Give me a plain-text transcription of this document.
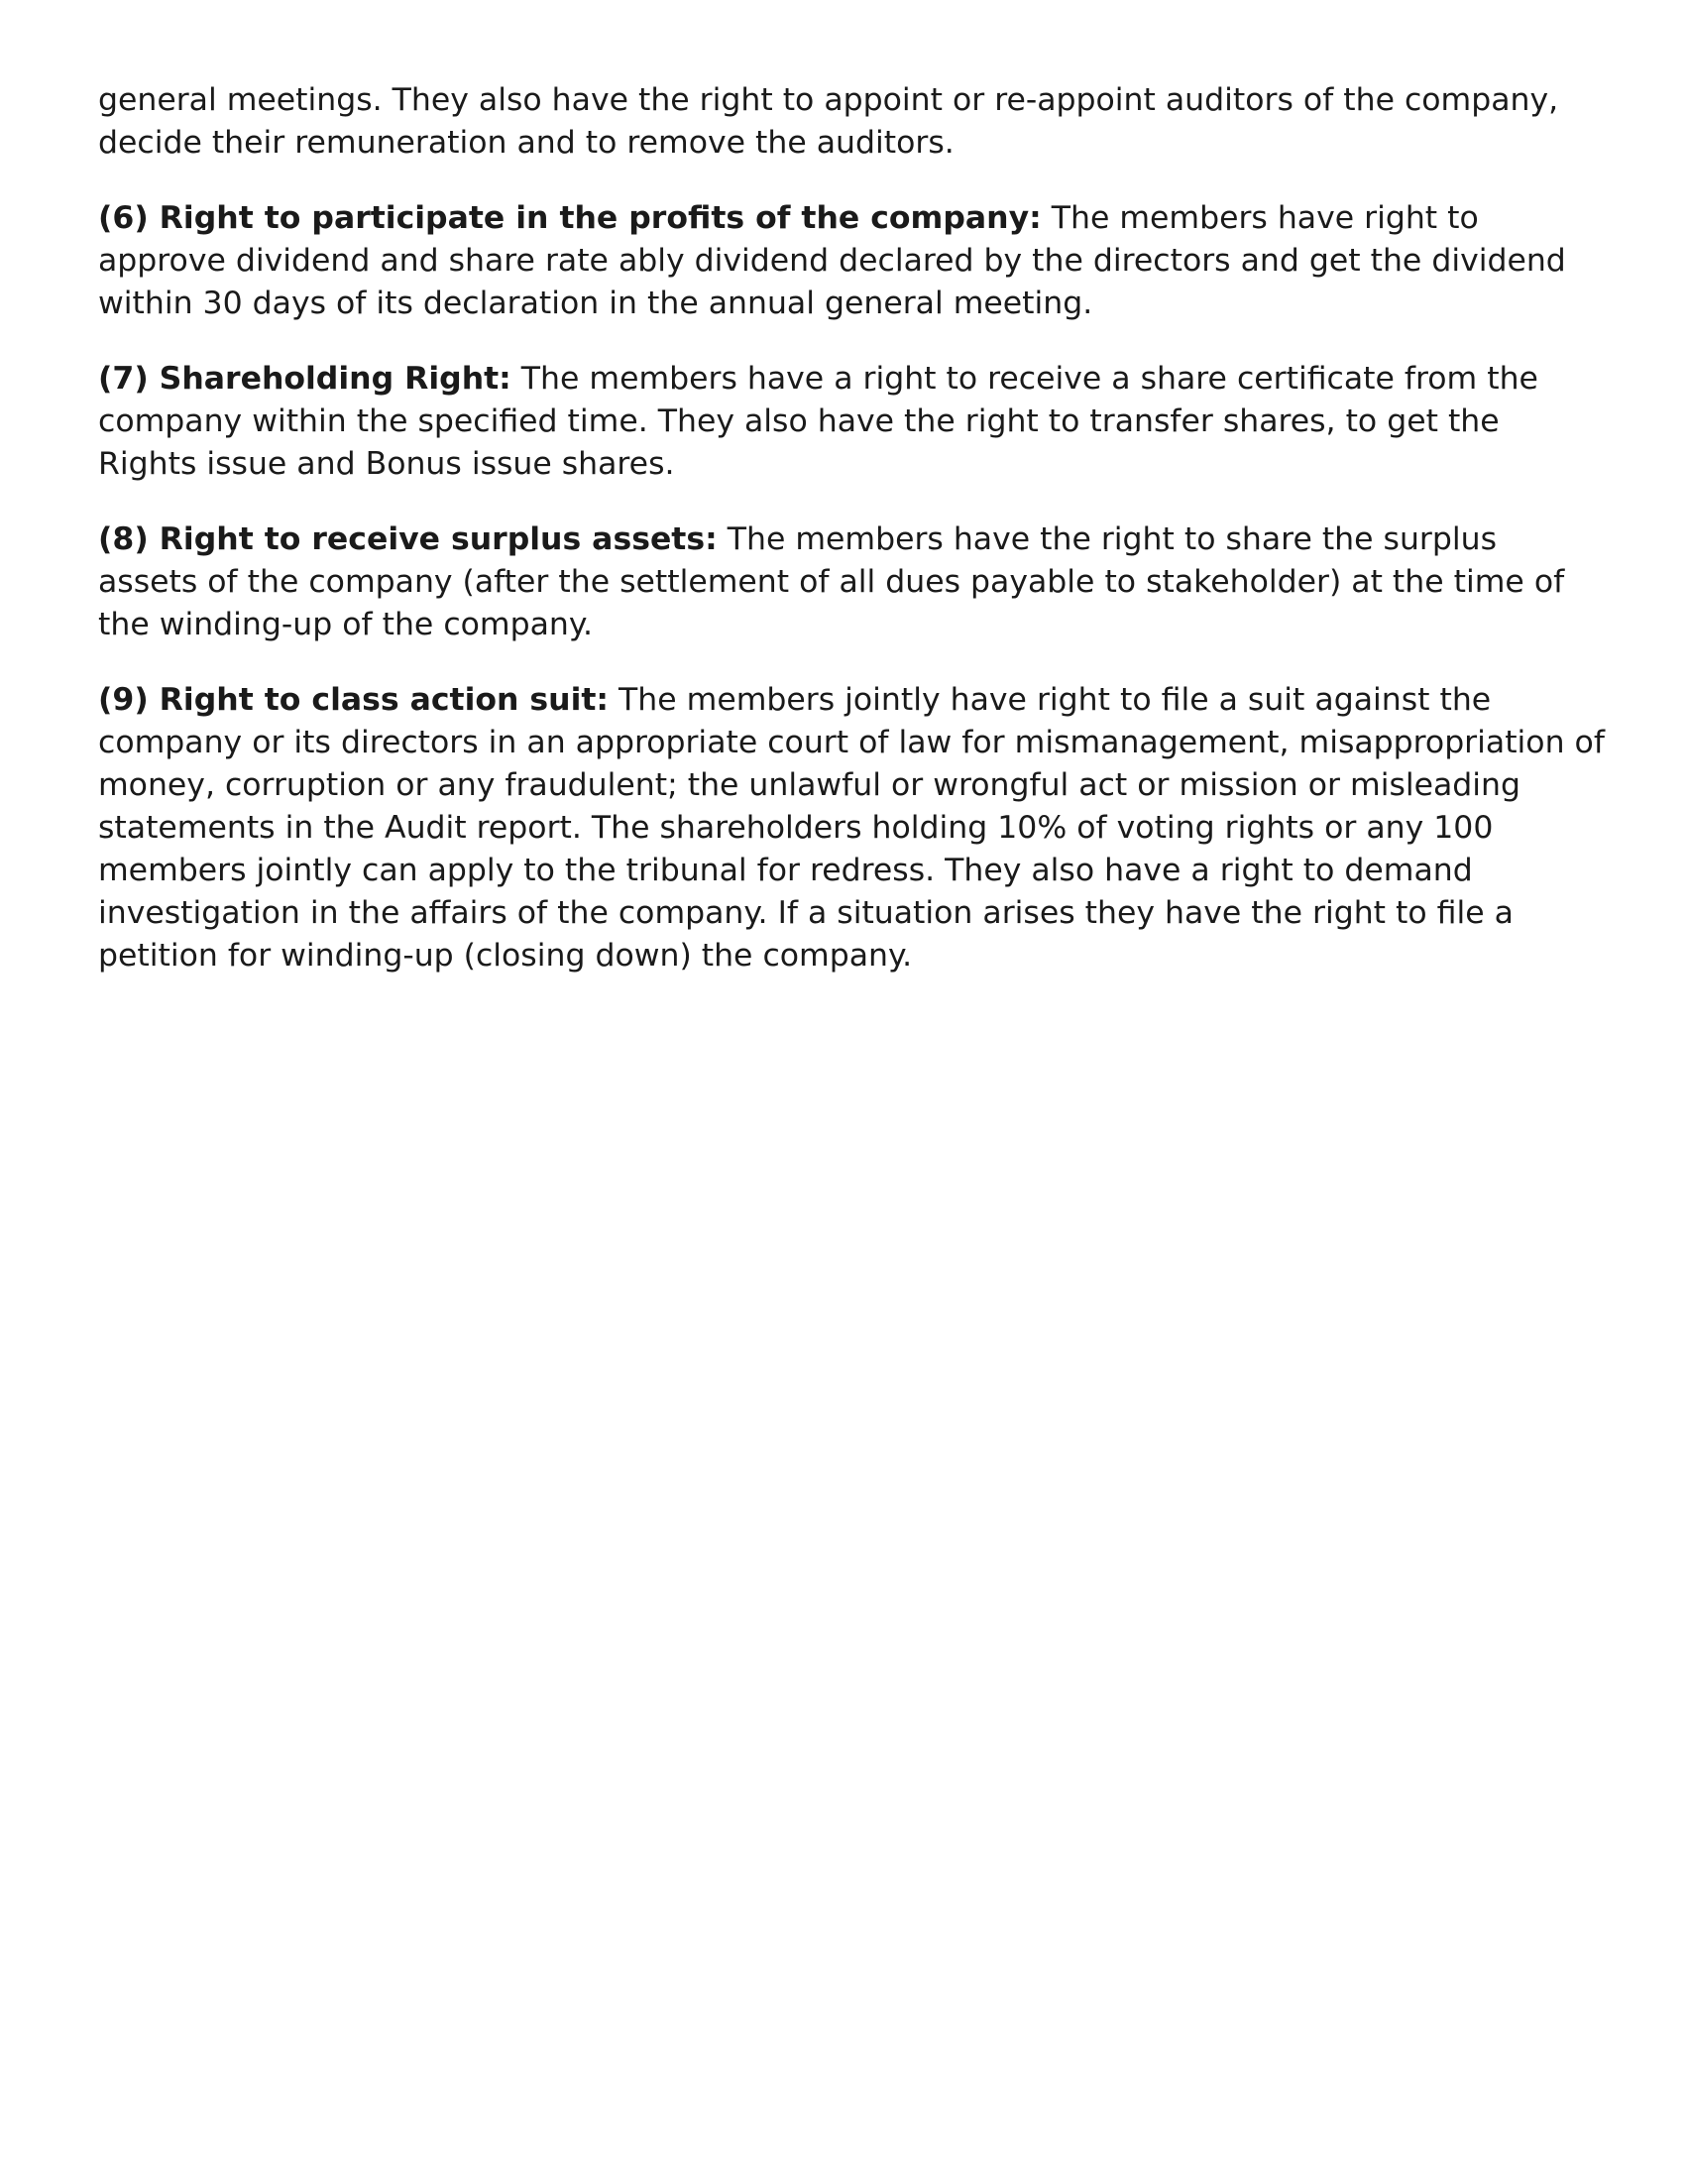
general meetings. They also have the right to appoint or re-appoint auditors of the company, decide their remuneration and to remove the auditors.

(6) Right to participate in the profits of the company: The members have right to approve dividend and share rate ably dividend declared by the directors and get the dividend within 30 days of its declaration in the annual general meeting.

(7) Shareholding Right: The members have a right to receive a share certificate from the company within the specified time. They also have the right to transfer shares, to get the Rights issue and Bonus issue shares.

(8) Right to receive surplus assets: The members have the right to share the surplus assets of the company (after the settlement of all dues payable to stakeholder) at the time of the winding-up of the company.

(9) Right to class action suit: The members jointly have right to file a suit against the company or its directors in an appropriate court of law for mismanagement, misappropriation of money, corruption or any fraudulent; the unlawful or wrongful act or mission or misleading statements in the Audit report. The shareholders holding 10% of voting rights or any 100 members jointly can apply to the tribunal for redress. They also have a right to demand investigation in the affairs of the company. If a situation arises they have the right to file a petition for winding-up (closing down) the company.
